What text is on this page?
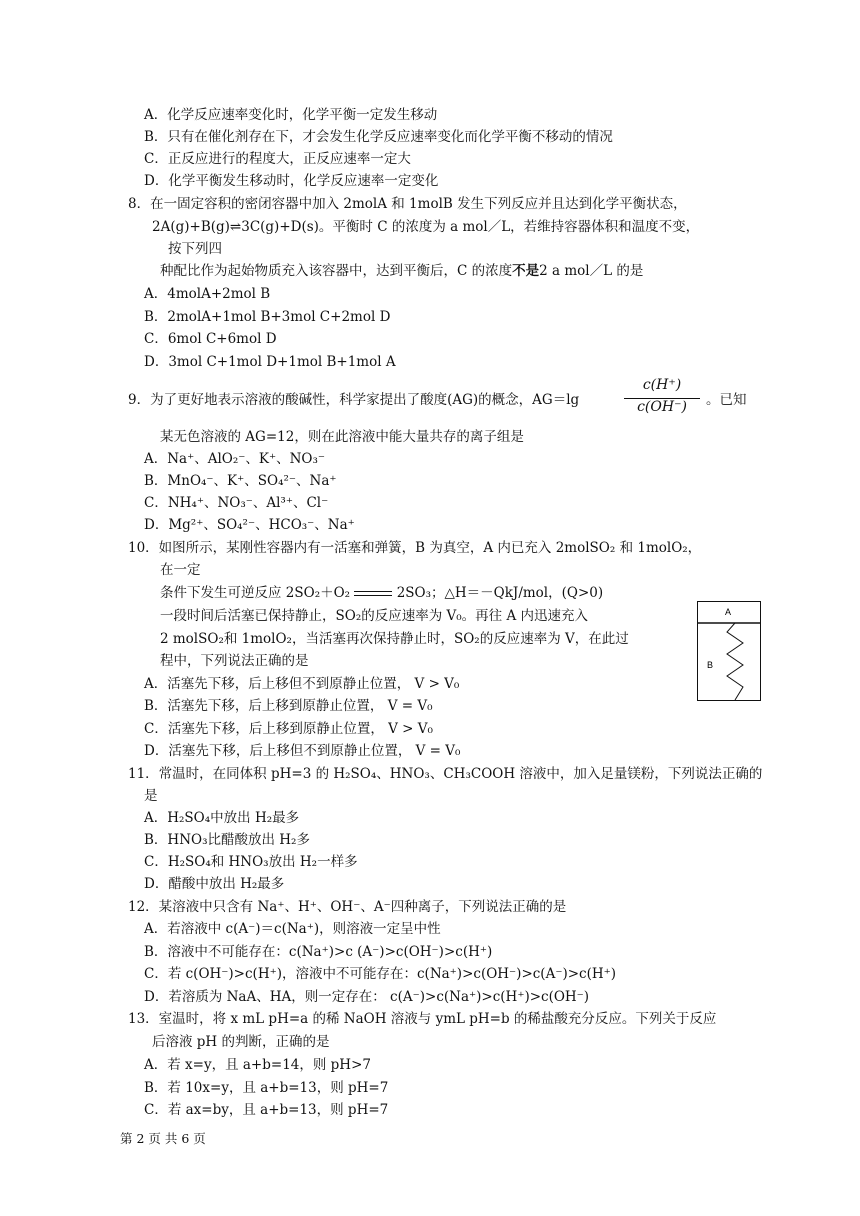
A．化学反应速率变化时，化学平衡一定发生移动
B．只有在催化剂存在下，才会发生化学反应速率变化而化学平衡不移动的情况
C．正反应进行的程度大，正反应速率一定大
D．化学平衡发生移动时，化学反应速率一定变化
8．在一固定容积的密闭容器中加入 2molA 和 1molB 发生下列反应并且达到化学平衡状态，
2A(g)+B(g)⇌3C(g)+D(s)。平衡时 C 的浓度为 a mol／L，若维持容器体积和温度不变，
按下列四
种配比作为起始物质充入该容器中，达到平衡后，C 的浓度不是2 a mol／L 的是
A．4molA+2mol B
B．2molA+1mol B+3mol C+2mol D
C．6mol C+6mol D
D．3mol C+1mol D+1mol B+1mol A
9．为了更好地表示溶液的酸碱性，科学家提出了酸度(AG)的概念，AG＝lg
c(H⁺)
c(OH⁻)	。已知
某无色溶液的 AG=12，则在此溶液中能大量共存的离子组是
A．Na⁺、AlO₂⁻、K⁺、NO₃⁻
B．MnO₄⁻、K⁺、SO₄²⁻、Na⁺
C．NH₄⁺、NO₃⁻、Al³⁺、Cl⁻
D．Mg²⁺、SO₄²⁻、HCO₃⁻、Na⁺
10．如图所示，某刚性容器内有一活塞和弹簧，B 为真空，A 内已充入 2molSO₂ 和 1molO₂，
在一定
条件下发生可逆反应 2SO₂＋O₂	2SO₃；△H＝－QkJ/mol，(Q>0)
一段时间后活塞已保持静止，SO₂的反应速率为 V₀。再往 A 内迅速充入
2 molSO₂和 1molO₂，当活塞再次保持静止时，SO₂的反应速率为 V，在此过
程中，下列说法正确的是
A．活塞先下移，后上移但不到原静止位置， V > V₀
B．活塞先下移，后上移到原静止位置， V = V₀
C．活塞先下移，后上移到原静止位置， V > V₀
D．活塞先下移，后上移但不到原静止位置， V = V₀
A
B
11．常温时，在同体积 pH=3 的 H₂SO₄、HNO₃、CH₃COOH 溶液中，加入足量镁粉，下列说法正确的
是
A．H₂SO₄中放出 H₂最多
B．HNO₃比醋酸放出 H₂多
C．H₂SO₄和 HNO₃放出 H₂一样多
D．醋酸中放出 H₂最多
12．某溶液中只含有 Na⁺、H⁺、OH⁻、A⁻四种离子，下列说法正确的是
A．若溶液中 c(A⁻)＝c(Na⁺)，则溶液一定呈中性
B．溶液中不可能存在：c(Na⁺)>c (A⁻)>c(OH⁻)>c(H⁺)
C．若 c(OH⁻)>c(H⁺)，溶液中不可能存在：c(Na⁺)>c(OH⁻)>c(A⁻)>c(H⁺)
D．若溶质为 NaA、HA，则一定存在： c(A⁻)>c(Na⁺)>c(H⁺)>c(OH⁻)
13．室温时，将 x mL pH=a 的稀 NaOH 溶液与 ymL pH=b 的稀盐酸充分反应。下列关于反应
后溶液 pH 的判断，正确的是
A．若 x=y，且 a+b=14，则 pH>7
B．若 10x=y，且 a+b=13，则 pH=7
C．若 ax=by，且 a+b=13，则 pH=7
第 2 页 共 6 页
